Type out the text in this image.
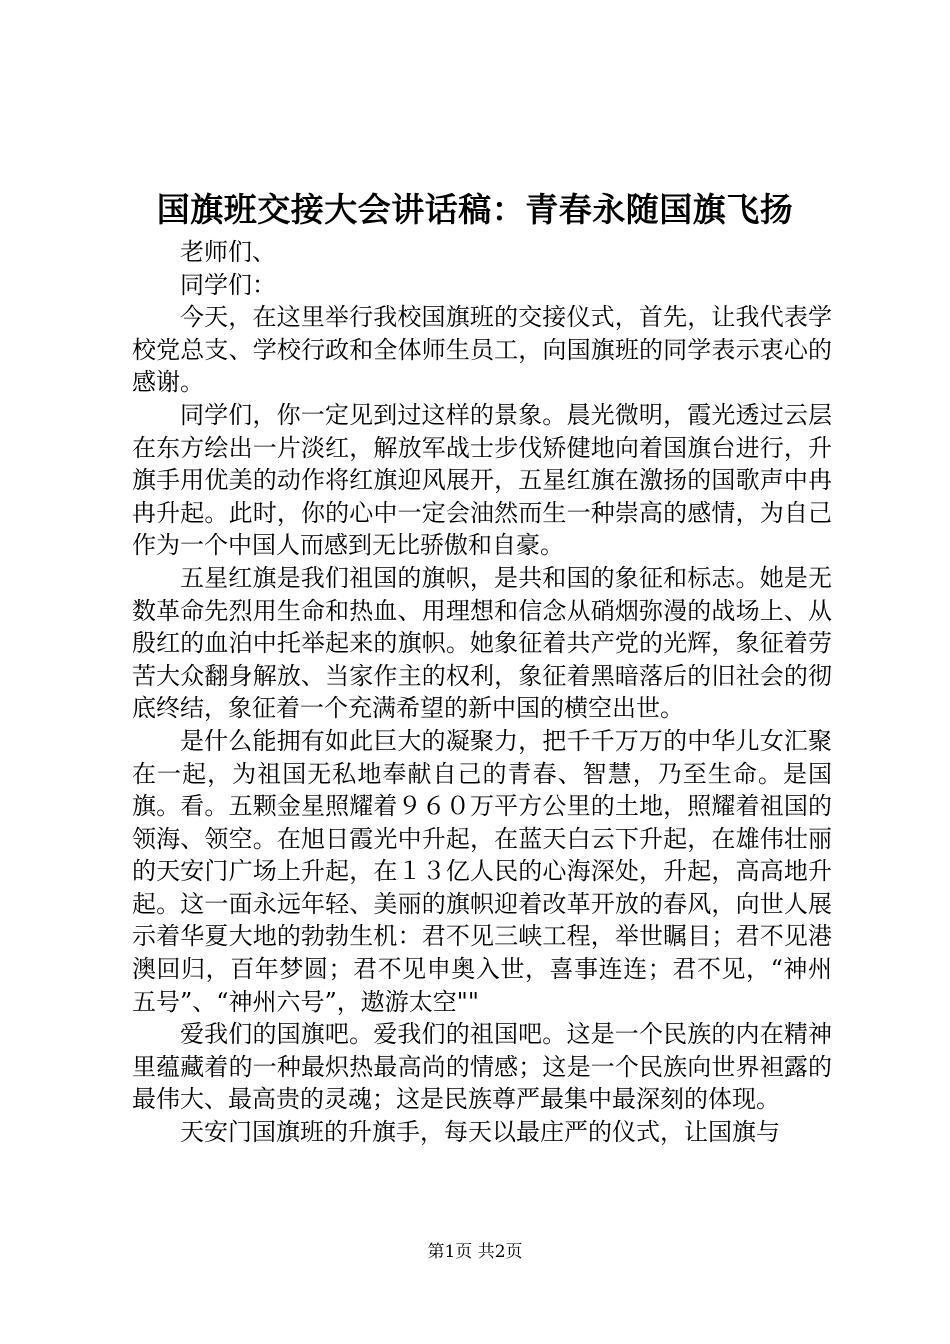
国旗班交接大会讲话稿：青春永随国旗飞扬

老师们、

同学们：

今天，在这里举行我校国旗班的交接仪式，首先，让我代表学校党总支、学校行政和全体师生员工，向国旗班的同学表示衷心的感谢。

同学们，你一定见到过这样的景象。晨光微明，霞光透过云层在东方绘出一片淡红，解放军战士步伐矫健地向着国旗台进行，升旗手用优美的动作将红旗迎风展开，五星红旗在激扬的国歌声中冉冉升起。此时，你的心中一定会油然而生一种崇高的感情，为自己作为一个中国人而感到无比骄傲和自豪。

五星红旗是我们祖国的旗帜，是共和国的象征和标志。她是无数革命先烈用生命和热血、用理想和信念从硝烟弥漫的战场上、从殷红的血泊中托举起来的旗帜。她象征着共产党的光辉，象征着劳苦大众翻身解放、当家作主的权利，象征着黑暗落后的旧社会的彻底终结，象征着一个充满希望的新中国的横空出世。

是什么能拥有如此巨大的凝聚力，把千千万万的中华儿女汇聚在一起，为祖国无私地奉献自己的青春、智慧，乃至生命。是国旗。看。五颗金星照耀着９６０万平方公里的土地，照耀着祖国的领海、领空。在旭日霞光中升起，在蓝天白云下升起，在雄伟壮丽的天安门广场上升起，在１３亿人民的心海深处，升起，高高地升起。这一面永远年轻、美丽的旗帜迎着改革开放的春风，向世人展示着华夏大地的勃勃生机：君不见三峡工程，举世瞩目；君不见港澳回归，百年梦圆；君不见申奥入世，喜事连连；君不见，“神州五号”、“神州六号”，遨游太空""

爱我们的国旗吧。爱我们的祖国吧。这是一个民族的内在精神里蕴藏着的一种最炽热最高尚的情感；这是一个民族向世界袒露的最伟大、最高贵的灵魂；这是民族尊严最集中最深刻的体现。

天安门国旗班的升旗手，每天以最庄严的仪式，让国旗与

第1页 共2页
